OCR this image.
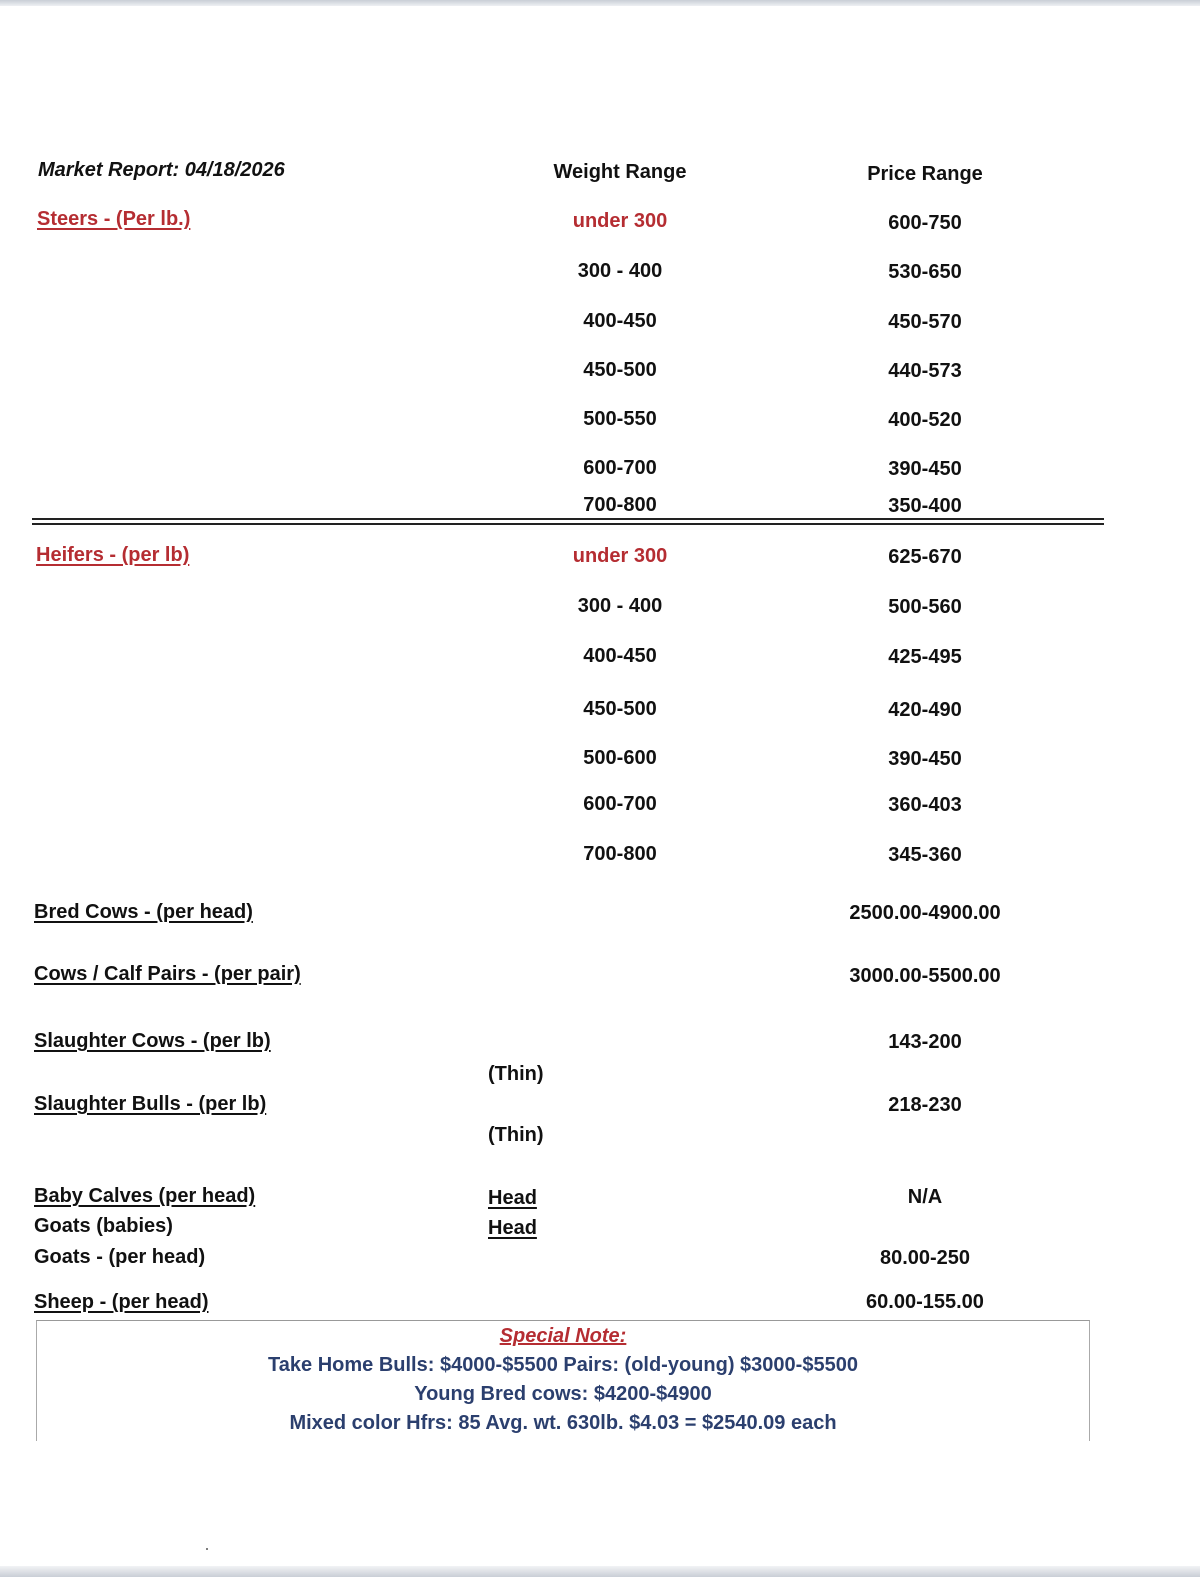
Market Report: 04/18/2026	Weight Range	Price Range
Steers - (Per lb.)	under 300	600-750
300 - 400	530-650
400-450	450-570
450-500	440-573
500-550	400-520
600-700	390-450
700-800	350-400
Heifers - (per lb)	under 300	625-670
300 - 400	500-560
400-450	425-495
450-500	420-490
500-600	390-450
600-700	360-403
700-800	345-360
Bred Cows - (per head)	2500.00-4900.00
Cows / Calf Pairs - (per pair)	3000.00-5500.00
Slaughter Cows - (per lb)	143-200
(Thin)
Slaughter Bulls - (per lb)	218-230
(Thin)
Baby Calves (per head)	Head	N/A
Goats (babies)	Head
Goats - (per head)	80.00-250
Sheep - (per head)	60.00-155.00
Special Note:
Take Home Bulls: $4000-$5500 Pairs: (old-young) $3000-$5500
Young Bred cows: $4200-$4900
Mixed color Hfrs: 85 Avg. wt. 630lb. $4.03 = $2540.09 each
